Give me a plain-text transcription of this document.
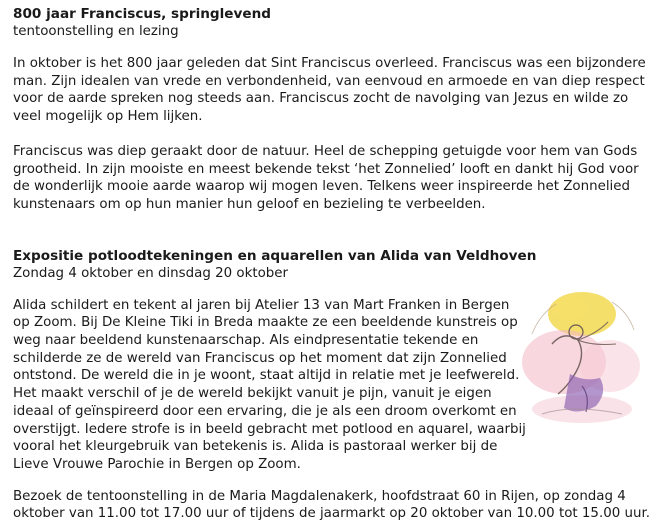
800 jaar Franciscus, springlevend
tentoonstelling en lezing

In oktober is het 800 jaar geleden dat Sint Franciscus overleed. Franciscus was een bijzondere man. Zijn idealen van vrede en verbondenheid, van eenvoud en armoede en van diep respect voor de aarde spreken nog steeds aan. Franciscus zocht de navolging van Jezus en wilde zo veel mogelijk op Hem lijken.

Franciscus was diep geraakt door de natuur. Heel de schepping getuigde voor hem van Gods grootheid. In zijn mooiste en meest bekende tekst ‘het Zonnelied’ looft en dankt hij God voor de wonderlijk mooie aarde waarop wij mogen leven. Telkens weer inspireerde het Zonnelied kunstenaars om op hun manier hun geloof en bezieling te verbeelden.

Expositie potloodtekeningen en aquarellen van Alida van Veldhoven
Zondag 4 oktober en dinsdag 20 oktober

Alida schildert en tekent al jaren bij Atelier 13 van Mart Franken in Bergen op Zoom. Bij De Kleine Tiki in Breda maakte ze een beeldende kunstreis op weg naar beeldend kunstenaarschap. Als eindpresentatie tekende en schilderde ze de wereld van Franciscus op het moment dat zijn Zonnelied ontstond. De wereld die in je woont, staat altijd in relatie met je leefwereld. Het maakt verschil of je de wereld bekijkt vanuit je pijn, vanuit je eigen ideaal of geïnspireerd door een ervaring, die je als een droom overkomt en overstijgt. Iedere strofe is in beeld gebracht met potlood en aquarel, waarbij vooral het kleurgebruik van betekenis is. Alida is pastoraal werker bij de Lieve Vrouwe Parochie in Bergen op Zoom.

Bezoek de tentoonstelling in de Maria Magdalenakerk, hoofdstraat 60 in Rijen, op zondag 4 oktober van 11.00 tot 17.00 uur of tijdens de jaarmarkt op 20 oktober van 10.00 tot 15.00 uur.
